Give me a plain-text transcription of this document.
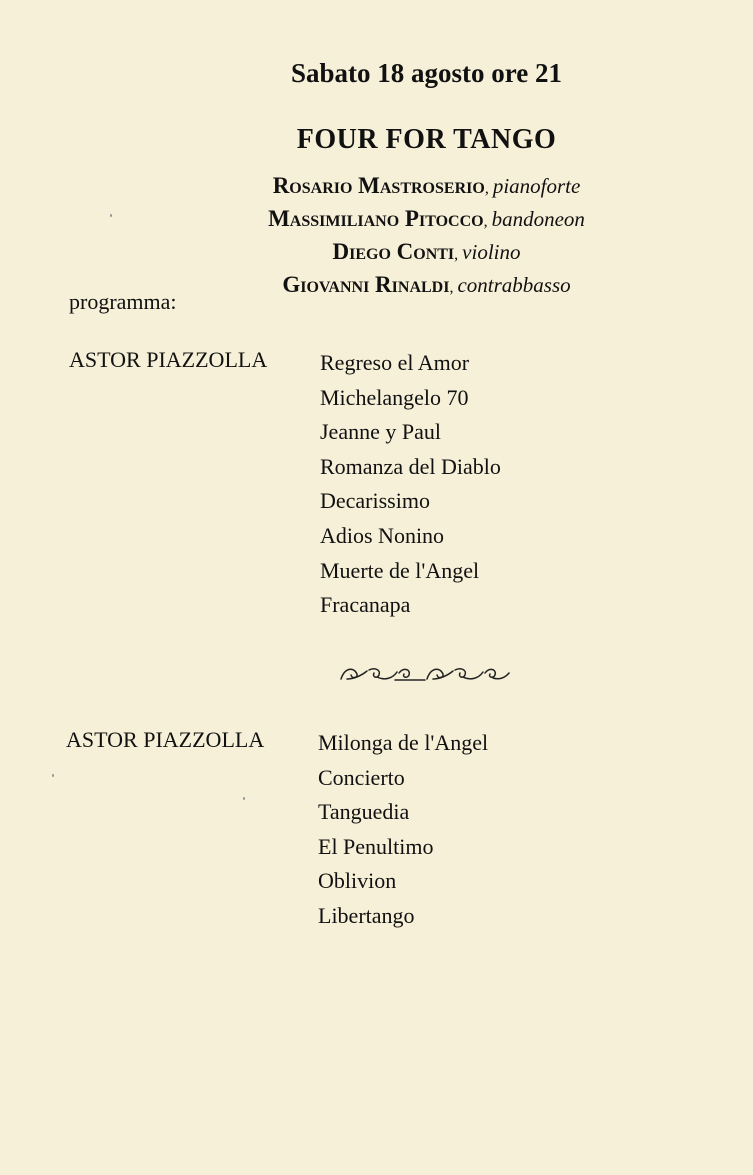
Sabato 18 agosto ore 21
FOUR FOR TANGO
Rosario Mastroserio, pianoforte
Massimiliano Pitocco, bandoneon
Diego Conti, violino
Giovanni Rinaldi, contrabbasso
programma:
ASTOR PIAZZOLLA Regreso el Amor
Michelangelo 70
Jeanne y Paul
Romanza del Diablo
Decarissimo
Adios Nonino
Muerte de l'Angel
Fracanapa
ASTOR PIAZZOLLA Milonga de l'Angel
Concierto
Tanguedia
El Penultimo
Oblivion
Libertango
